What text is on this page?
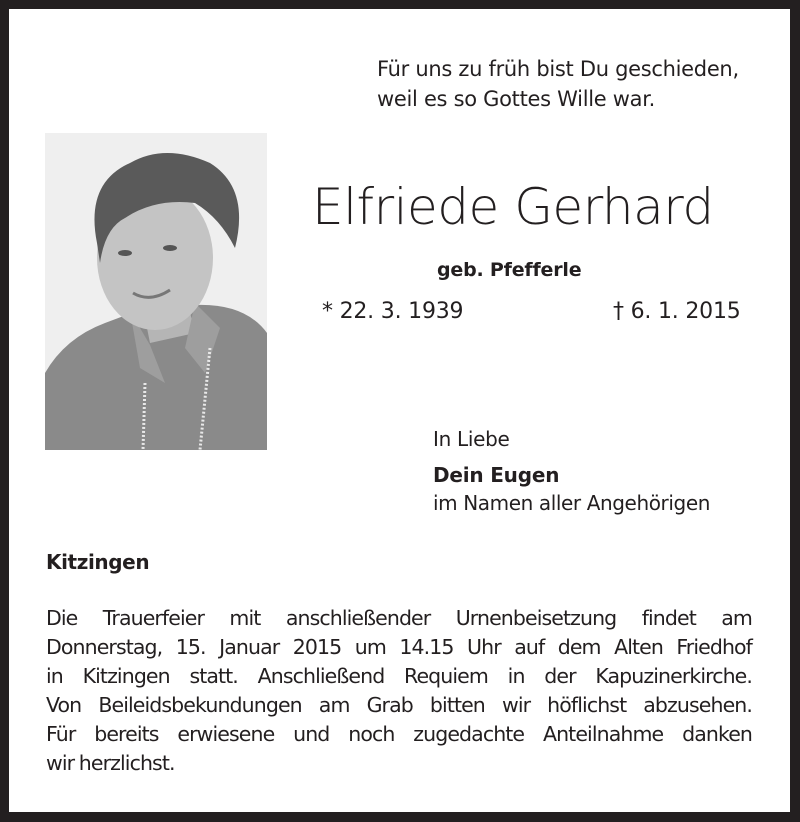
Für uns zu früh bist Du geschieden,
weil es so Gottes Wille war.
Elfriede Gerhard
geb. Pfefferle
* 22. 3. 1939	† 6. 1. 2015
In Liebe
Dein Eugen
im Namen aller Angehörigen
Kitzingen
Die Trauerfeier mit anschließender Urnenbeisetzung findet am
Donnerstag, 15. Januar 2015 um 14.15 Uhr auf dem Alten Friedhof
in Kitzingen statt. Anschließend Requiem in der Kapuzinerkirche.
Von Beileidsbekundungen am Grab bitten wir höflichst abzusehen.
Für bereits erwiesene und noch zugedachte Anteilnahme danken
wir herzlichst.
